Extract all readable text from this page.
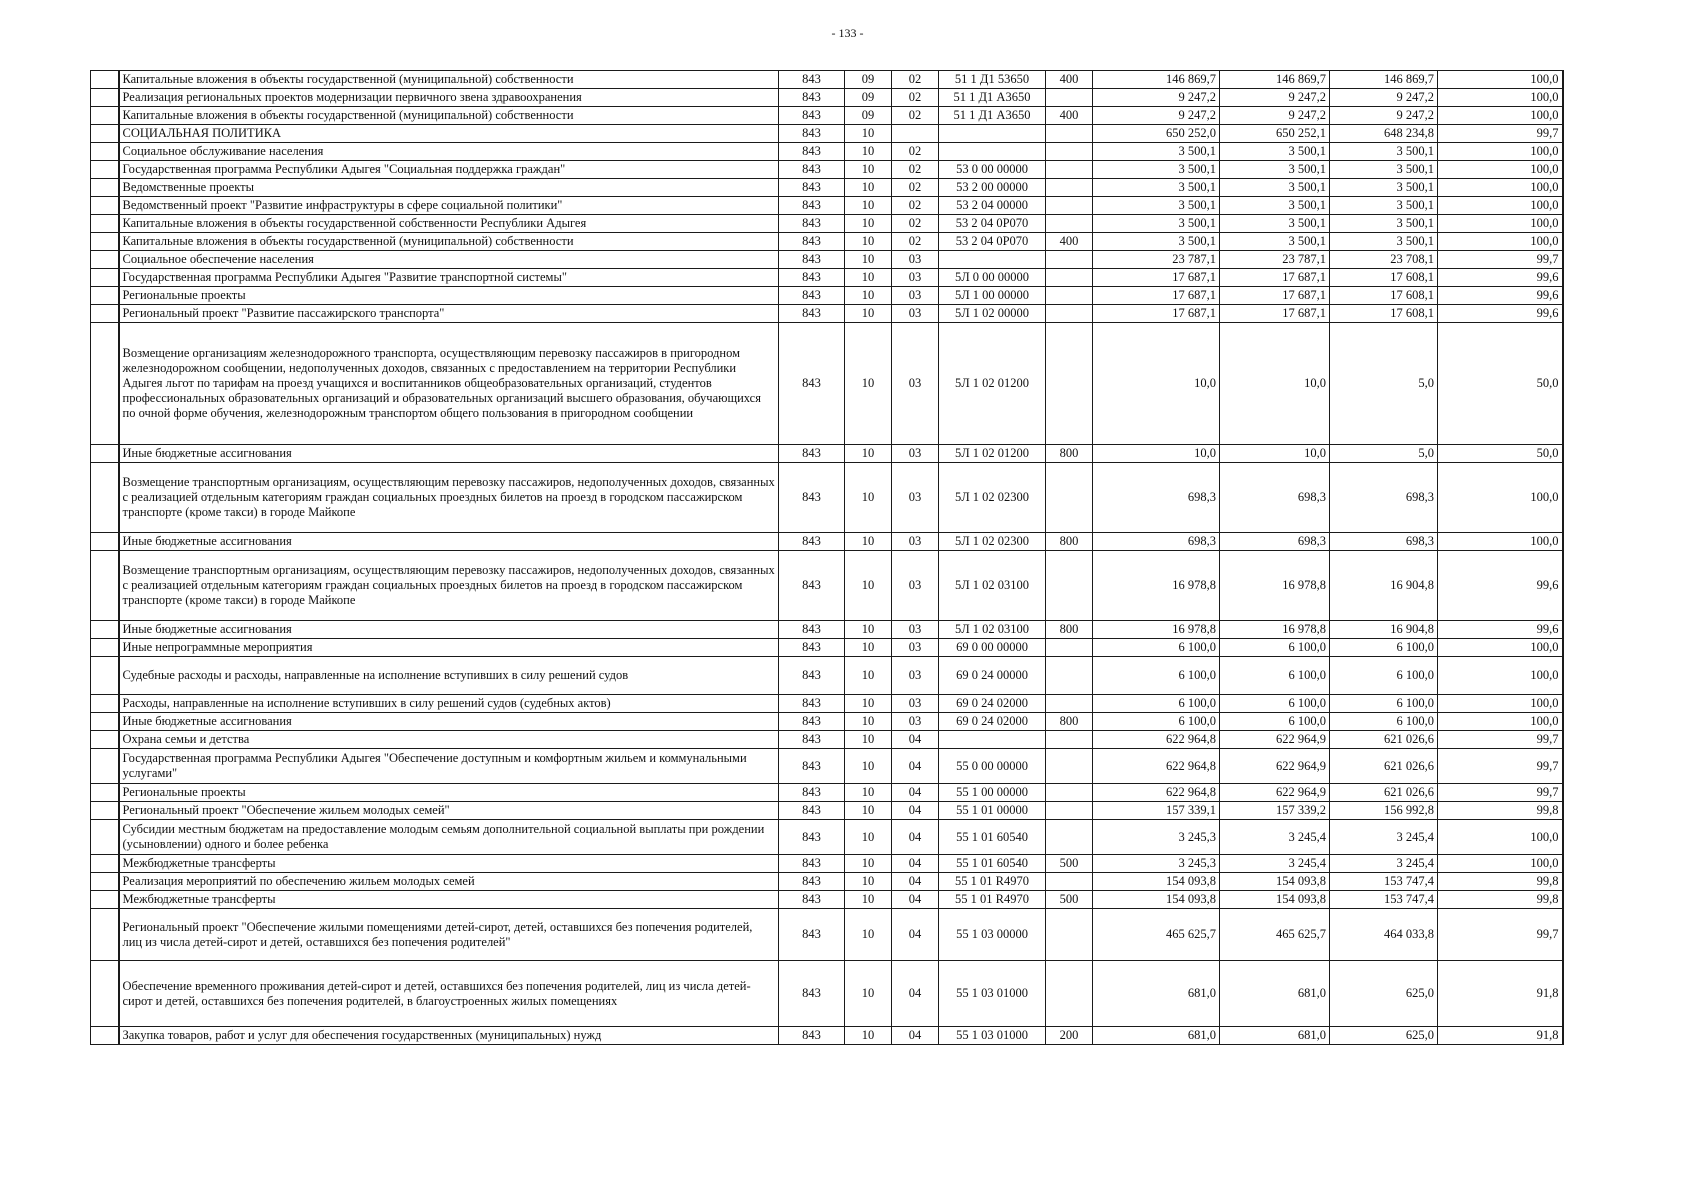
- 133 -
	Капитальные вложения в объекты государственной (муниципальной) собственности	843	09	02	51 1 Д1 53650	400	146 869,7	146 869,7	146 869,7	100,0
	Реализация региональных проектов модернизации первичного звена здравоохранения	843	09	02	51 1 Д1 А3650		9 247,2	9 247,2	9 247,2	100,0
	Капитальные вложения в объекты государственной (муниципальной) собственности	843	09	02	51 1 Д1 А3650	400	9 247,2	9 247,2	9 247,2	100,0
	СОЦИАЛЬНАЯ ПОЛИТИКА	843	10				650 252,0	650 252,1	648 234,8	99,7
	Социальное обслуживание населения	843	10	02			3 500,1	3 500,1	3 500,1	100,0
	Государственная программа Республики Адыгея "Социальная поддержка граждан"	843	10	02	53 0 00 00000		3 500,1	3 500,1	3 500,1	100,0
	Ведомственные проекты	843	10	02	53 2 00 00000		3 500,1	3 500,1	3 500,1	100,0
	Ведомственный проект "Развитие инфраструктуры в сфере социальной политики"	843	10	02	53 2 04 00000		3 500,1	3 500,1	3 500,1	100,0
	Капитальные вложения в объекты государственной собственности Республики Адыгея	843	10	02	53 2 04 0Р070		3 500,1	3 500,1	3 500,1	100,0
	Капитальные вложения в объекты государственной (муниципальной) собственности	843	10	02	53 2 04 0Р070	400	3 500,1	3 500,1	3 500,1	100,0
	Социальное обеспечение населения	843	10	03			23 787,1	23 787,1	23 708,1	99,7
	Государственная программа Республики Адыгея "Развитие транспортной системы"	843	10	03	5Л 0 00 00000		17 687,1	17 687,1	17 608,1	99,6
	Региональные проекты	843	10	03	5Л 1 00 00000		17 687,1	17 687,1	17 608,1	99,6
	Региональный проект "Развитие пассажирского транспорта"	843	10	03	5Л 1 02 00000		17 687,1	17 687,1	17 608,1	99,6
	Возмещение организациям железнодорожного транспорта, осуществляющим перевозку пассажиров в пригородном железнодорожном сообщении, недополученных доходов, связанных с предоставлением на территории Республики Адыгея льгот по тарифам на проезд учащихся и воспитанников общеобразовательных организаций, студентов профессиональных образовательных организаций и образовательных организаций высшего образования, обучающихся по очной форме обучения, железнодорожным транспортом общего пользования в пригородном сообщении	843	10	03	5Л 1 02 01200		10,0	10,0	5,0	50,0
	Иные бюджетные ассигнования	843	10	03	5Л 1 02 01200	800	10,0	10,0	5,0	50,0
	Возмещение транспортным организациям, осуществляющим перевозку пассажиров, недополученных доходов, связанных с реализацией отдельным категориям граждан социальных проездных билетов на проезд в городском пассажирском транспорте (кроме такси) в городе Майкопе	843	10	03	5Л 1 02 02300		698,3	698,3	698,3	100,0
	Иные бюджетные ассигнования	843	10	03	5Л 1 02 02300	800	698,3	698,3	698,3	100,0
	Возмещение транспортным организациям, осуществляющим перевозку пассажиров, недополученных доходов, связанных с реализацией отдельным категориям граждан социальных проездных билетов на проезд в городском пассажирском транспорте (кроме такси) в городе Майкопе	843	10	03	5Л 1 02 03100		16 978,8	16 978,8	16 904,8	99,6
	Иные бюджетные ассигнования	843	10	03	5Л 1 02 03100	800	16 978,8	16 978,8	16 904,8	99,6
	Иные непрограммные мероприятия	843	10	03	69 0 00 00000		6 100,0	6 100,0	6 100,0	100,0
	Судебные расходы и расходы, направленные на исполнение вступивших в силу решений судов	843	10	03	69 0 24 00000		6 100,0	6 100,0	6 100,0	100,0
	Расходы, направленные на исполнение вступивших в силу решений судов (судебных актов)	843	10	03	69 0 24 02000		6 100,0	6 100,0	6 100,0	100,0
	Иные бюджетные ассигнования	843	10	03	69 0 24 02000	800	6 100,0	6 100,0	6 100,0	100,0
	Охрана семьи и детства	843	10	04			622 964,8	622 964,9	621 026,6	99,7
	Государственная программа Республики Адыгея "Обеспечение доступным и комфортным жильем и коммунальными услугами"	843	10	04	55 0 00 00000		622 964,8	622 964,9	621 026,6	99,7
	Региональные проекты	843	10	04	55 1 00 00000		622 964,8	622 964,9	621 026,6	99,7
	Региональный проект "Обеспечение жильем молодых семей"	843	10	04	55 1 01 00000		157 339,1	157 339,2	156 992,8	99,8
	Субсидии местным бюджетам на предоставление молодым семьям дополнительной социальной выплаты при рождении (усыновлении) одного и более ребенка	843	10	04	55 1 01 60540		3 245,3	3 245,4	3 245,4	100,0
	Межбюджетные трансферты	843	10	04	55 1 01 60540	500	3 245,3	3 245,4	3 245,4	100,0
	Реализация мероприятий по обеспечению жильем молодых семей	843	10	04	55 1 01 R4970		154 093,8	154 093,8	153 747,4	99,8
	Межбюджетные трансферты	843	10	04	55 1 01 R4970	500	154 093,8	154 093,8	153 747,4	99,8
	Региональный проект "Обеспечение жилыми помещениями детей-сирот, детей, оставшихся без попечения родителей, лиц из числа детей-сирот и детей, оставшихся без попечения родителей"	843	10	04	55 1 03 00000		465 625,7	465 625,7	464 033,8	99,7
	Обеспечение временного проживания детей-сирот и детей, оставшихся без попечения родителей, лиц из числа детей-сирот и детей, оставшихся без попечения родителей, в благоустроенных жилых помещениях	843	10	04	55 1 03 01000		681,0	681,0	625,0	91,8
	Закупка товаров, работ и услуг для обеспечения государственных (муниципальных) нужд	843	10	04	55 1 03 01000	200	681,0	681,0	625,0	91,8
